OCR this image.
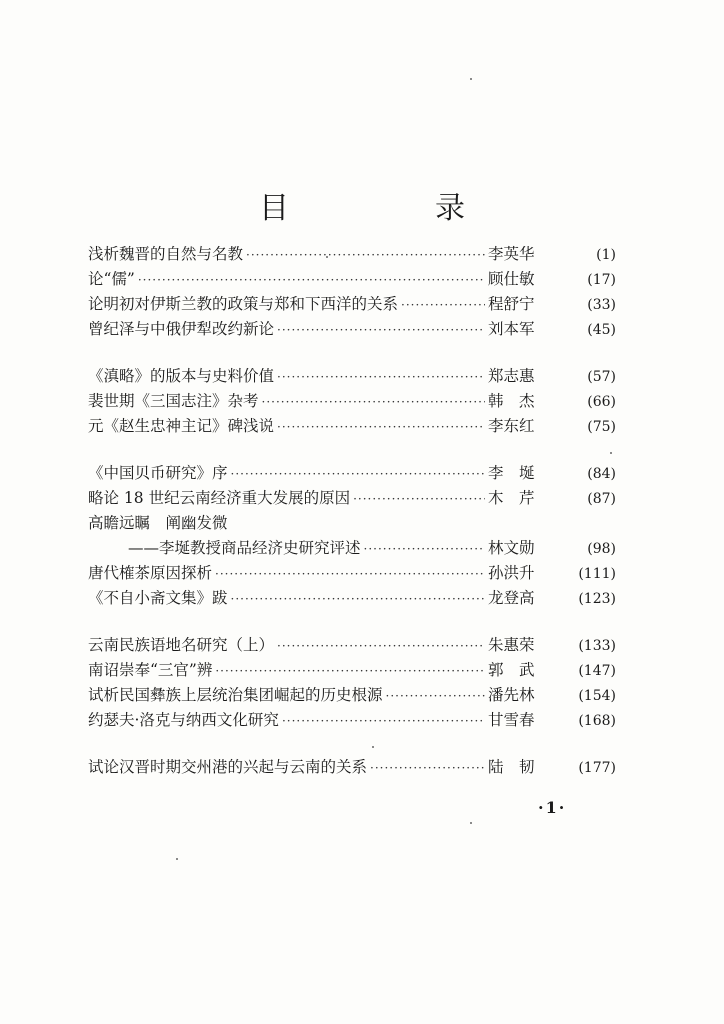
目　录
浅析魏晋的自然与名教 ·····	李英华	(1)
论“儒” ·····	顾仕敏	(17)
论明初对伊斯兰教的政策与郑和下西洋的关系 ·····	程舒宁	(33)
曾纪泽与中俄伊犁改约新论 ·····	刘本军	(45)
《滇略》的版本与史料价值 ·····	郑志惠	(57)
裴世期《三国志注》杂考 ·····	韩　杰	(66)
元《赵生忠神主记》碑浅说 ·····	李东红	(75)
《中国贝币研究》序 ·····	李　埏	(84)
略论 18 世纪云南经济重大发展的原因 ·····	木　芹	(87)
高瞻远瞩　阐幽发微
——李埏教授商品经济史研究评述 ·····	林文勋	(98)
唐代榷茶原因探析 ·····	孙洪升	(111)
《不自小斋文集》跋 ·····	龙登高	(123)
云南民族语地名研究（上） ·····	朱惠荣	(133)
南诏崇奉“三官”辨 ·····	郭　武	(147)
试析民国彝族上层统治集团崛起的历史根源 ·····	潘先林	(154)
约瑟夫·洛克与纳西文化研究 ·····	甘雪春	(168)
试论汉晋时期交州港的兴起与云南的关系 ·····	陆　韧	(177)
·1·
